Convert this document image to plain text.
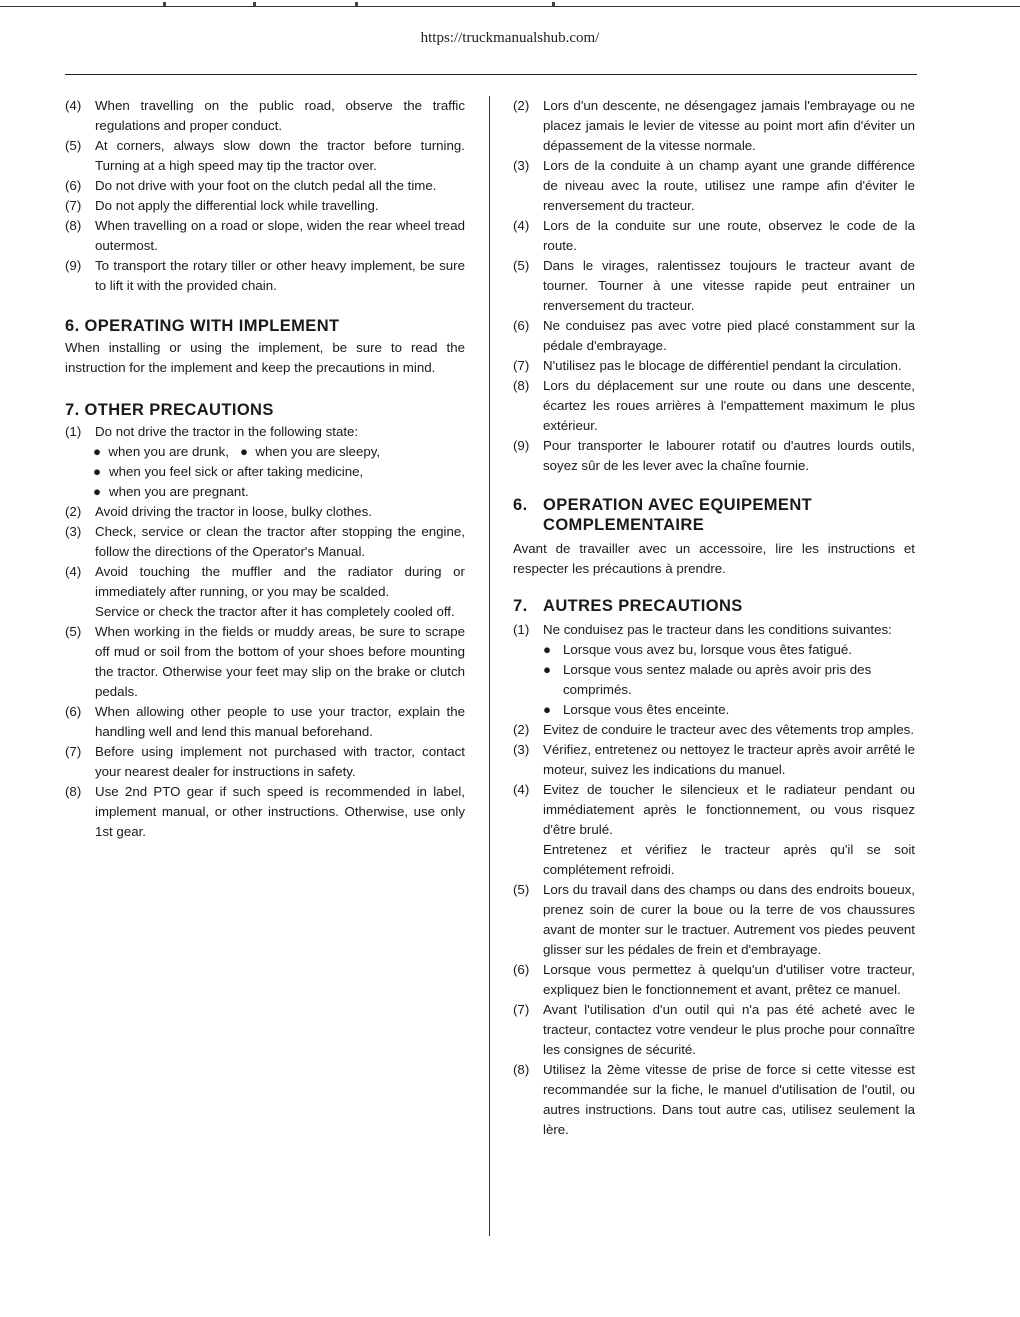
https://truckmanualshub.com/
(4)	When travelling on the public road, observe the traffic regulations and proper conduct.
(5)	At corners, always slow down the tractor before turning. Turning at a high speed may tip the tractor over.
(6)	Do not drive with your foot on the clutch pedal all the time.
(7)	Do not apply the differential lock while travelling.
(8)	When travelling on a road or slope, widen the rear wheel tread outermost.
(9)	To transport the rotary tiller or other heavy implement, be sure to lift it with the provided chain.
6. OPERATING WITH IMPLEMENT

When installing or using the implement, be sure to read the instruction for the implement and keep the precautions in mind.

7. OTHER PRECAUTIONS
(1)	Do not drive the tractor in the following state:
● when you are drunk, ● when you are sleepy,
● when you feel sick or after taking medicine,
● when you are pregnant.
(2)	Avoid driving the tractor in loose, bulky clothes.
(3)	Check, service or clean the tractor after stopping the engine, follow the directions of the Operator's Manual.
(4)	Avoid touching the muffler and the radiator during or immediately after running, or you may be scalded.
Service or check the tractor after it has completely cooled off.
(5)	When working in the fields or muddy areas, be sure to scrape off mud or soil from the bottom of your shoes before mounting the tractor. Otherwise your feet may slip on the brake or clutch pedals.
(6)	When allowing other people to use your tractor, explain the handling well and lend this manual beforehand.
(7)	Before using implement not purchased with tractor, contact your nearest dealer for instructions in safety.
(8)	Use 2nd PTO gear if such speed is recommended in label, implement manual, or other instructions. Otherwise, use only 1st gear.
(2)	Lors d'un descente, ne désengagez jamais l'embrayage ou ne placez jamais le levier de vitesse au point mort afin d'éviter un dépassement de la vitesse normale.
(3)	Lors de la conduite à un champ ayant une grande différence de niveau avec la route, utilisez une rampe afin d'éviter le renversement du tracteur.
(4)	Lors de la conduite sur une route, observez le code de la route.
(5)	Dans le virages, ralentissez toujours le tracteur avant de tourner. Tourner à une vitesse rapide peut entrainer un renversement du tracteur.
(6)	Ne conduisez pas avec votre pied placé constamment sur la pédale d'embrayage.
(7)	N'utilisez pas le blocage de différentiel pendant la circulation.
(8)	Lors du déplacement sur une route ou dans une descente, écartez les roues arrières à l'empattement maximum le plus extérieur.
(9)	Pour transporter le labourer rotatif ou d'autres lourds outils, soyez sûr de les lever avec la chaîne fournie.
6. OPERATION AVEC EQUIPEMENT
COMPLEMENTAIRE

Avant de travailler avec un accessoire, lire les instructions et respecter les précautions à prendre.

7. AUTRES PRECAUTIONS
(1)	Ne conduisez pas le tracteur dans les conditions suivantes:
● Lorsque vous avez bu, lorsque vous êtes fatigué.
● Lorsque vous sentez malade ou après avoir pris des comprimés.
● Lorsque vous êtes enceinte.
(2)	Evitez de conduire le tracteur avec des vêtements trop amples.
(3)	Vérifiez, entretenez ou nettoyez le tracteur après avoir arrêté le moteur, suivez les indications du manuel.
(4)	Evitez de toucher le silencieux et le radiateur pendant ou immédiatement après le fonctionnement, ou vous risquez d'être brulé.
Entretenez et vérifiez le tracteur après qu'il se soit complétement refroidi.
(5)	Lors du travail dans des champs ou dans des endroits boueux, prenez soin de curer la boue ou la terre de vos chaussures avant de monter sur le tractuer. Autrement vos piedes peuvent glisser sur les pédales de frein et d'embrayage.
(6)	Lorsque vous permettez à quelqu'un d'utiliser votre tracteur, expliquez bien le fonctionnement et avant, prêtez ce manuel.
(7)	Avant l'utilisation d'un outil qui n'a pas été acheté avec le tracteur, contactez votre vendeur le plus proche pour connaître les consignes de sécurité.
(8)	Utilisez la 2ème vitesse de prise de force si cette vitesse est recommandée sur la fiche, le manuel d'utilisation de l'outil, ou autres instructions. Dans tout autre cas, utilisez seulement la lère.
